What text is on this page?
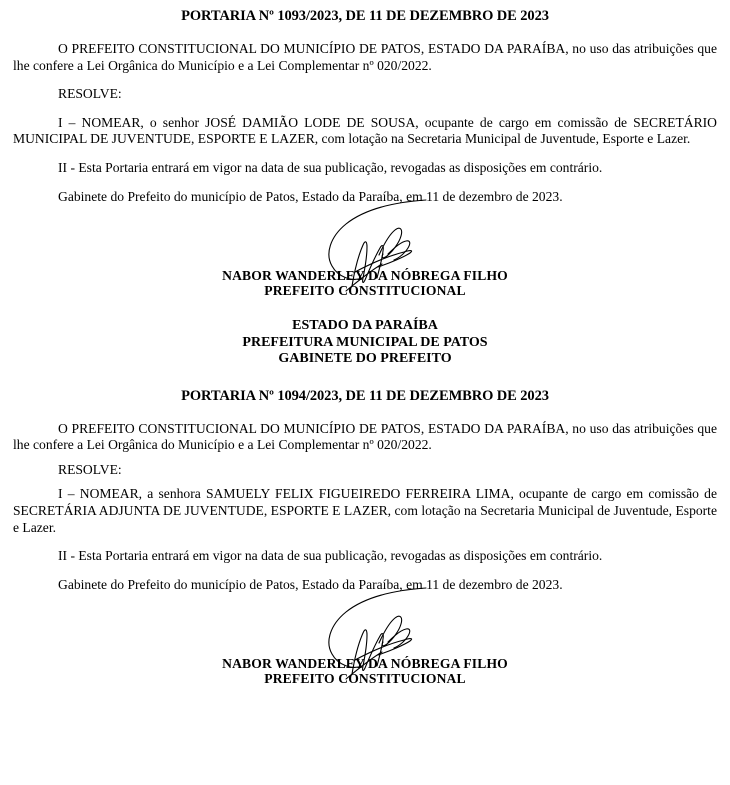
PORTARIA Nº 1093/2023, DE 11 DE DEZEMBRO DE 2023

O PREFEITO CONSTITUCIONAL DO MUNICÍPIO DE PATOS, ESTADO DA PARAÍBA, no uso das atribuições que lhe confere a Lei Orgânica do Município e a Lei Complementar nº 020/2022.

RESOLVE:

I – NOMEAR, o senhor JOSÉ DAMIÃO LODE DE SOUSA, ocupante de cargo em comissão de SECRETÁRIO MUNICIPAL DE JUVENTUDE, ESPORTE E LAZER, com lotação na Secretaria Municipal de Juventude, Esporte e Lazer.

II - Esta Portaria entrará em vigor na data de sua publicação, revogadas as disposições em contrário.

Gabinete do Prefeito do município de Patos, Estado da Paraíba, em 11 de dezembro de 2023.

NABOR WANDERLEY DA NÓBREGA FILHO
PREFEITO CONSTITUCIONAL
ESTADO DA PARAÍBA
PREFEITURA MUNICIPAL DE PATOS
GABINETE DO PREFEITO
PORTARIA Nº 1094/2023, DE 11 DE DEZEMBRO DE 2023

O PREFEITO CONSTITUCIONAL DO MUNICÍPIO DE PATOS, ESTADO DA PARAÍBA, no uso das atribuições que lhe confere a Lei Orgânica do Município e a Lei Complementar nº 020/2022.

RESOLVE:

I – NOMEAR, a senhora SAMUELY FELIX FIGUEIREDO FERREIRA LIMA, ocupante de cargo em comissão de SECRETÁRIA ADJUNTA DE JUVENTUDE, ESPORTE E LAZER, com lotação na Secretaria Municipal de Juventude, Esporte e Lazer.

II - Esta Portaria entrará em vigor na data de sua publicação, revogadas as disposições em contrário.

Gabinete do Prefeito do município de Patos, Estado da Paraíba, em 11 de dezembro de 2023.

NABOR WANDERLEY DA NÓBREGA FILHO
PREFEITO CONSTITUCIONAL
